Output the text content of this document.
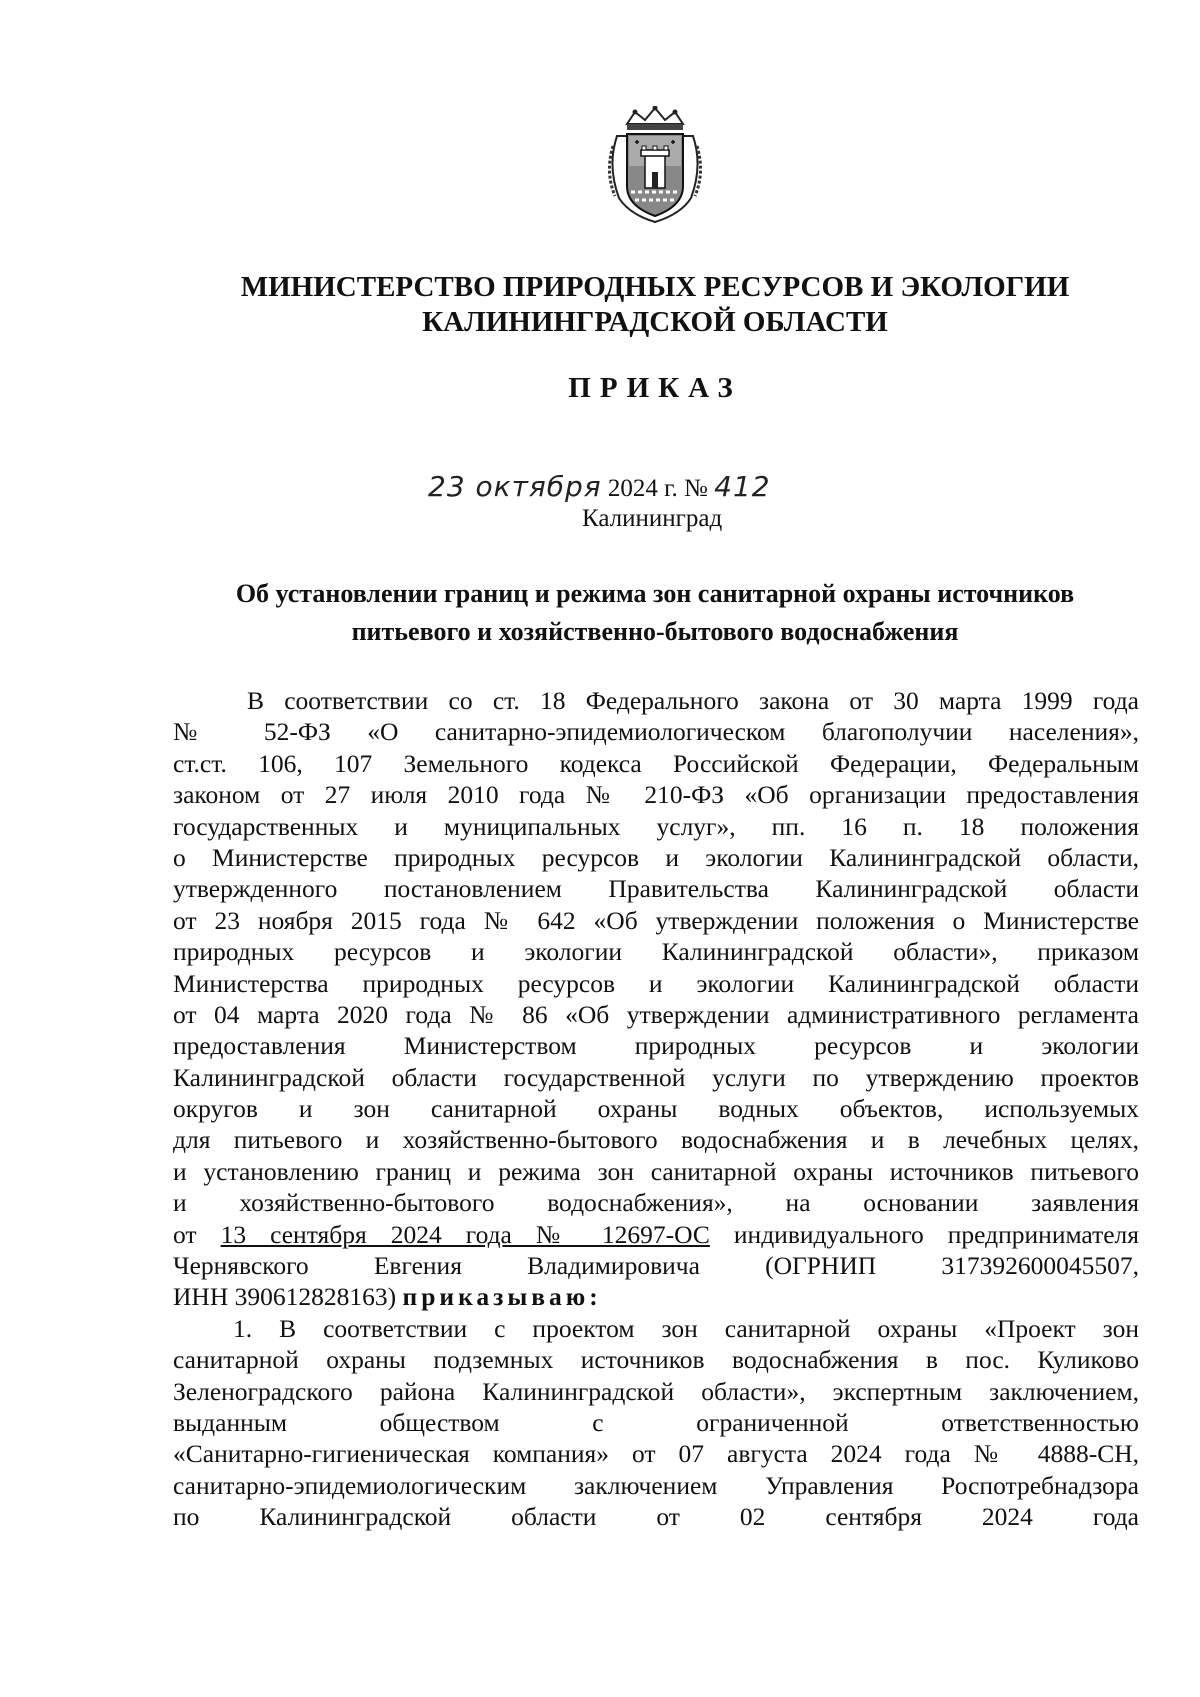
МИНИСТЕРСТВО ПРИРОДНЫХ РЕСУРСОВ И ЭКОЛОГИИ
КАЛИНИНГРАДСКОЙ ОБЛАСТИ
ПРИКАЗ
23 октября 2024 г. № 412
Калининград
Об установлении границ и режима зон санитарной охраны источников
питьевого и хозяйственно-бытового водоснабжения
В соответствии со ст. 18 Федерального закона от 30 марта 1999 года
№ 52-ФЗ «О санитарно-эпидемиологическом благополучии населения»,
ст.ст. 106, 107 Земельного кодекса Российской Федерации, Федеральным
законом от 27 июля 2010 года № 210-ФЗ «Об организации предоставления
государственных и муниципальных услуг», пп. 16 п. 18 положения
о Министерстве природных ресурсов и экологии Калининградской области,
утвержденного постановлением Правительства Калининградской области
от 23 ноября 2015 года № 642 «Об утверждении положения о Министерстве
природных ресурсов и экологии Калининградской области», приказом
Министерства природных ресурсов и экологии Калининградской области
от 04 марта 2020 года № 86 «Об утверждении административного регламента
предоставления Министерством природных ресурсов и экологии
Калининградской области государственной услуги по утверждению проектов
округов и зон санитарной охраны водных объектов, используемых
для питьевого и хозяйственно-бытового водоснабжения и в лечебных целях,
и установлению границ и режима зон санитарной охраны источников питьевого
и хозяйственно-бытового водоснабжения», на основании заявления
от 13 сентября 2024 года № 12697-ОС индивидуального предпринимателя
Чернявского Евгения Владимировича (ОГРНИП 317392600045507,
ИНН 390612828163) приказываю:
1. В соответствии с проектом зон санитарной охраны «Проект зон
санитарной охраны подземных источников водоснабжения в пос. Куликово
Зеленоградского района Калининградской области», экспертным заключением,
выданным обществом с ограниченной ответственностью
«Санитарно-гигиеническая компания» от 07 августа 2024 года № 4888-СН,
санитарно-эпидемиологическим заключением Управления Роспотребнадзора
по Калининградской области от 02 сентября 2024 года
